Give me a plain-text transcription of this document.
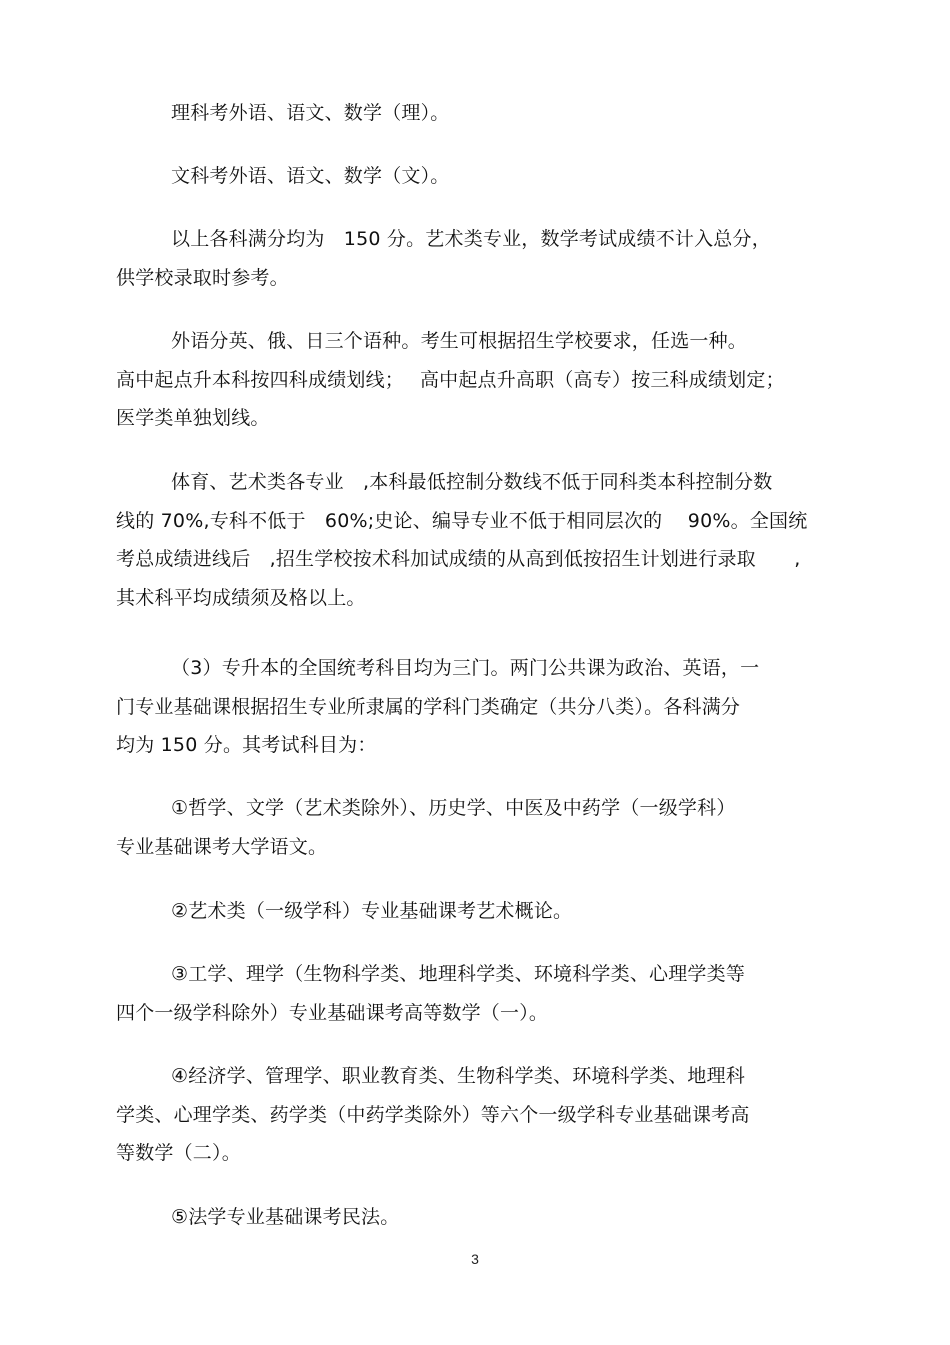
理科考外语、语文、数学（理）。

文科考外语、语文、数学（文）。

以上各科满分均为　150 分。艺术类专业，数学考试成绩不计入总分，
供学校录取时参考。

外语分英、俄、日三个语种。考生可根据招生学校要求，任选一种。
高中起点升本科按四科成绩划线；　 高中起点升高职（高专）按三科成绩划定；
医学类单独划线。

体育、艺术类各专业　,本科最低控制分数线不低于同科类本科控制分数
线的 70%,专科不低于　60%;史论、编导专业不低于相同层次的　 90%。全国统
考总成绩进线后　,招生学校按术科加试成绩的从高到低按招生计划进行录取　　,
其术科平均成绩须及格以上。

（3）专升本的全国统考科目均为三门。两门公共课为政治、英语，一
门专业基础课根据招生专业所隶属的学科门类确定（共分八类）。各科满分
均为 150 分。其考试科目为：

①哲学、文学（艺术类除外）、历史学、中医及中药学（一级学科）
专业基础课考大学语文。

②艺术类（一级学科）专业基础课考艺术概论。

③工学、理学（生物科学类、地理科学类、环境科学类、心理学类等
四个一级学科除外）专业基础课考高等数学（一）。

④经济学、管理学、职业教育类、生物科学类、环境科学类、地理科
学类、心理学类、药学类（中药学类除外）等六个一级学科专业基础课考高
等数学（二）。

⑤法学专业基础课考民法。

3
